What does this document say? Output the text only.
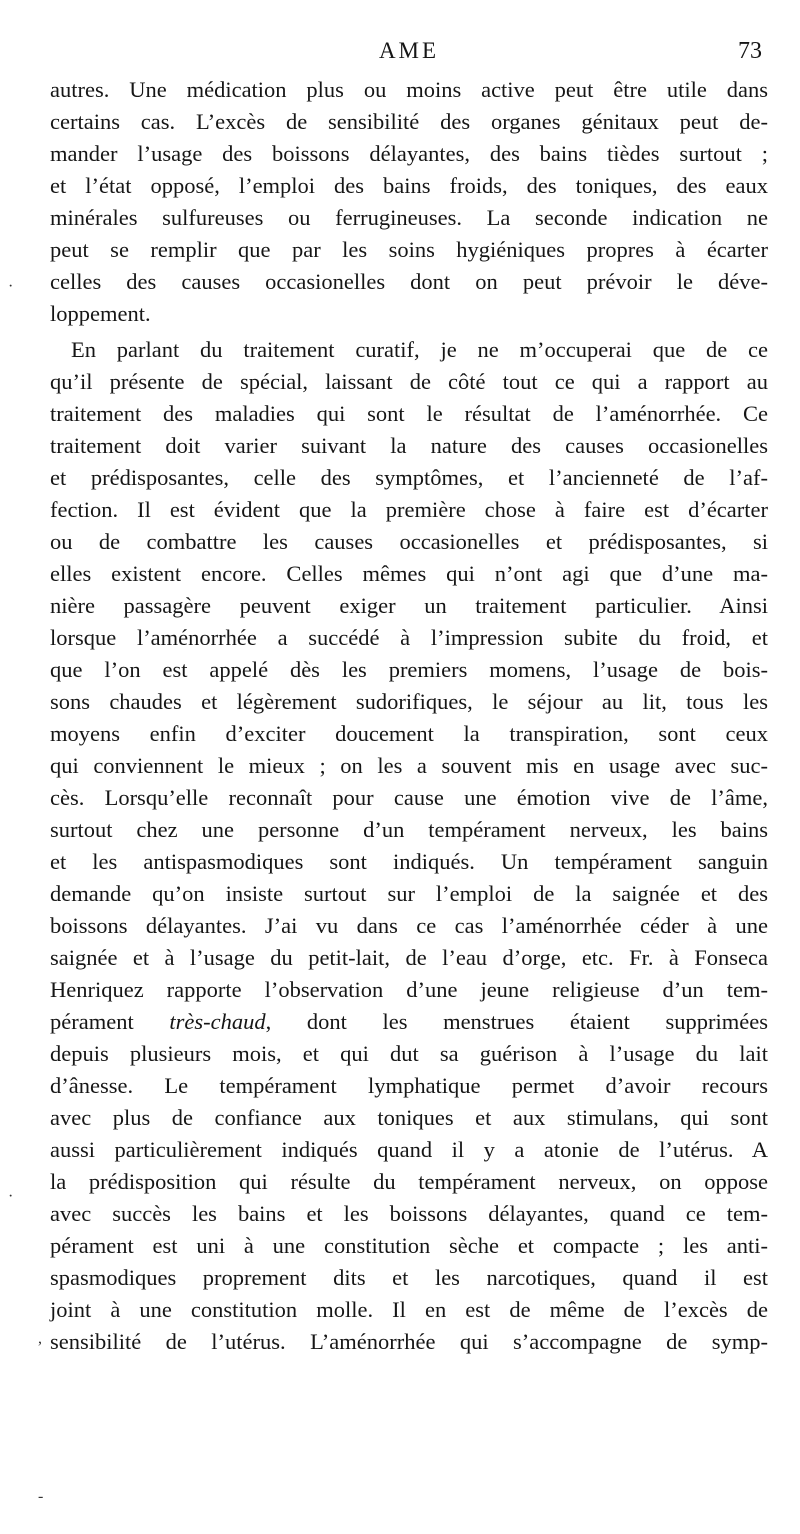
AME	73
autres. Une médication plus ou moins active peut être utile dans
certains cas. L’excès de sensibilité des organes génitaux peut de-
mander l’usage des boissons délayantes, des bains tièdes surtout ;
et l’état opposé, l’emploi des bains froids, des toniques, des eaux
minérales sulfureuses ou ferrugineuses. La seconde indication ne
peut se remplir que par les soins hygiéniques propres à écarter
celles des causes occasionelles dont on peut prévoir le déve-
loppement.
En parlant du traitement curatif, je ne m’occuperai que de ce
qu’il présente de spécial, laissant de côté tout ce qui a rapport au
traitement des maladies qui sont le résultat de l’aménorrhée. Ce
traitement doit varier suivant la nature des causes occasionelles
et prédisposantes, celle des symptômes, et l’ancienneté de l’af-
fection. Il est évident que la première chose à faire est d’écarter
ou de combattre les causes occasionelles et prédisposantes, si
elles existent encore. Celles mêmes qui n’ont agi que d’une ma-
nière passagère peuvent exiger un traitement particulier. Ainsi
lorsque l’aménorrhée a succédé à l’impression subite du froid, et
que l’on est appelé dès les premiers momens, l’usage de bois-
sons chaudes et légèrement sudorifiques, le séjour au lit, tous les
moyens enfin d’exciter doucement la transpiration, sont ceux
qui conviennent le mieux ; on les a souvent mis en usage avec suc-
cès. Lorsqu’elle reconnaît pour cause une émotion vive de l’âme,
surtout chez une personne d’un tempérament nerveux, les bains
et les antispasmodiques sont indiqués. Un tempérament sanguin
demande qu’on insiste surtout sur l’emploi de la saignée et des
boissons délayantes. J’ai vu dans ce cas l’aménorrhée céder à une
saignée et à l’usage du petit-lait, de l’eau d’orge, etc. Fr. à Fonseca
Henriquez rapporte l’observation d’une jeune religieuse d’un tem-
pérament très-chaud, dont les menstrues étaient supprimées
depuis plusieurs mois, et qui dut sa guérison à l’usage du lait
d’ânesse. Le tempérament lymphatique permet d’avoir recours
avec plus de confiance aux toniques et aux stimulans, qui sont
aussi particulièrement indiqués quand il y a atonie de l’utérus. A
la prédisposition qui résulte du tempérament nerveux, on oppose
avec succès les bains et les boissons délayantes, quand ce tem-
pérament est uni à une constitution sèche et compacte ; les anti-
spasmodiques proprement dits et les narcotiques, quand il est
joint à une constitution molle. Il en est de même de l’excès de
sensibilité de l’utérus. L’aménorrhée qui s’accompagne de symp-
·
·
,
-
